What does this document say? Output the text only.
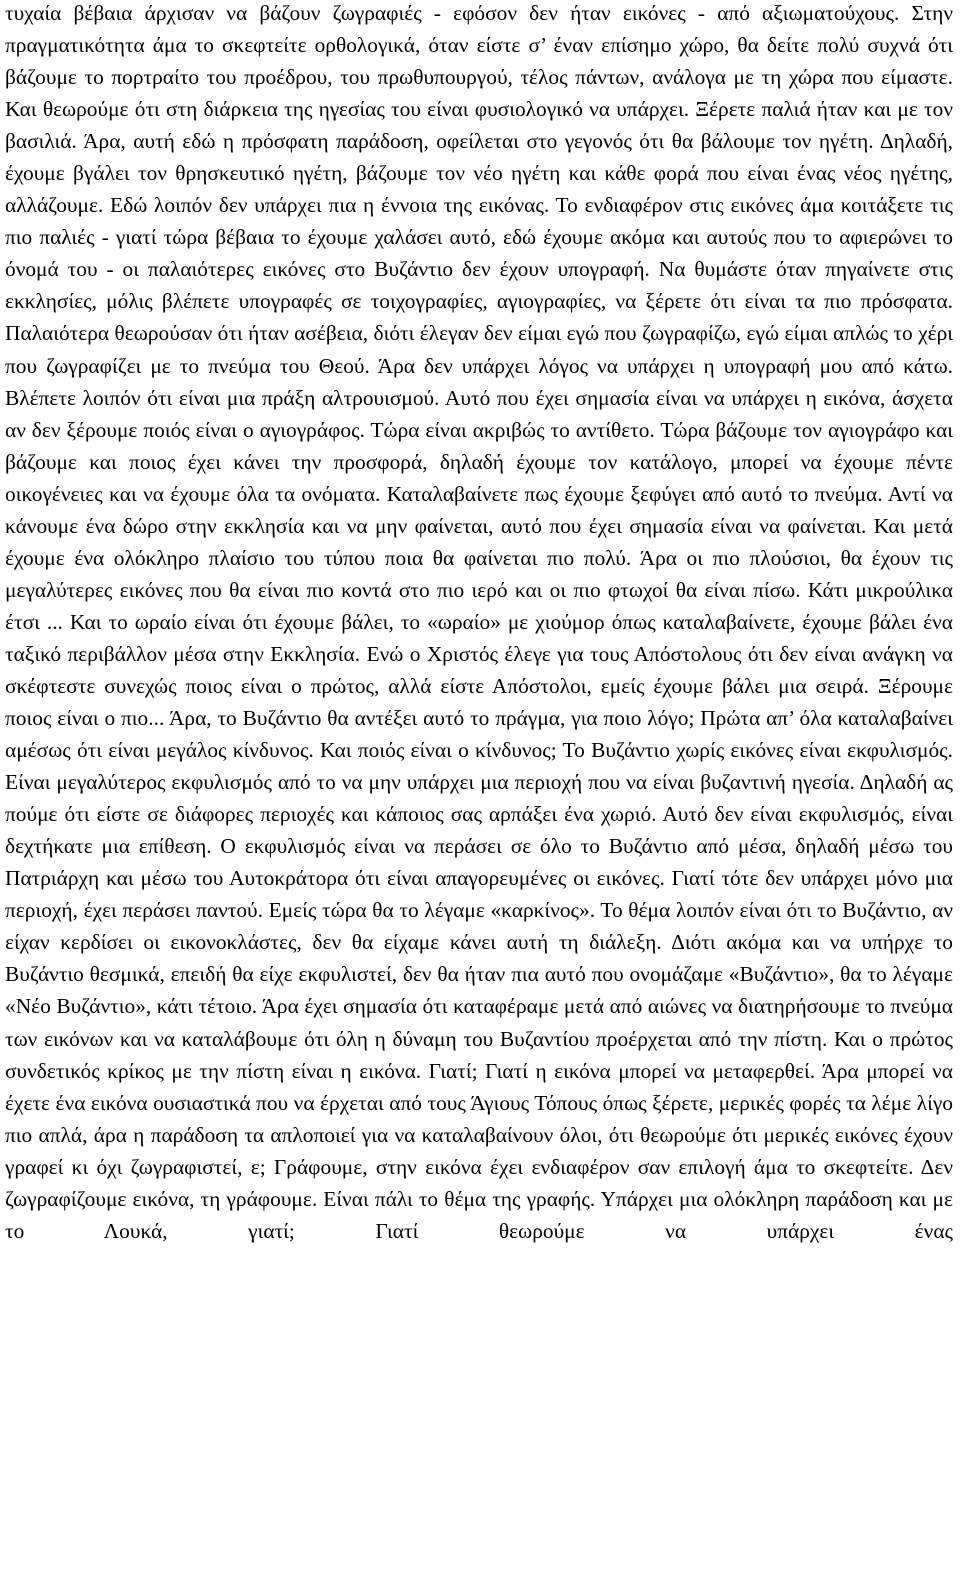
τυχαία βέβαια άρχισαν να βάζουν ζωγραφιές - εφόσον δεν ήταν εικόνες - από αξιωματούχους. Στην πραγματικότητα άμα το σκεφτείτε ορθολογικά, όταν είστε σ’ έναν επίσημο χώρο, θα δείτε πολύ συχνά ότι βάζουμε το πορτραίτο του προέδρου, του πρωθυπουργού, τέλος πάντων, ανάλογα με τη χώρα που είμαστε. Και θεωρούμε ότι στη διάρκεια της ηγεσίας του είναι φυσιολογικό να υπάρχει. Ξέρετε παλιά ήταν και με τον βασιλιά. Άρα, αυτή εδώ η πρόσφατη παράδοση, οφείλεται στο γεγονός ότι θα βάλουμε τον ηγέτη. Δηλαδή, έχουμε βγάλει τον θρησκευτικό ηγέτη, βάζουμε τον νέο ηγέτη και κάθε φορά που είναι ένας νέος ηγέτης, αλλάζουμε. Εδώ λοιπόν δεν υπάρχει πια η έννοια της εικόνας. Το ενδιαφέρον στις εικόνες άμα κοιτάξετε τις πιο παλιές - γιατί τώρα βέβαια το έχουμε χαλάσει αυτό, εδώ έχουμε ακόμα και αυτούς που το αφιερώνει το όνομά του - οι παλαιότερες εικόνες στο Βυζάντιο δεν έχουν υπογραφή. Να θυμάστε όταν πηγαίνετε στις εκκλησίες, μόλις βλέπετε υπογραφές σε τοιχογραφίες, αγιογραφίες, να ξέρετε ότι είναι τα πιο πρόσφατα. Παλαιότερα θεωρούσαν ότι ήταν ασέβεια, διότι έλεγαν δεν είμαι εγώ που ζωγραφίζω, εγώ είμαι απλώς το χέρι που ζωγραφίζει με το πνεύμα του Θεού. Άρα δεν υπάρχει λόγος να υπάρχει η υπογραφή μου από κάτω. Βλέπετε λοιπόν ότι είναι μια πράξη αλτρουισμού. Αυτό που έχει σημασία είναι να υπάρχει η εικόνα, άσχετα αν δεν ξέρουμε ποιός είναι ο αγιογράφος. Τώρα είναι ακριβώς το αντίθετο. Τώρα βάζουμε τον αγιογράφο και βάζουμε και ποιος έχει κάνει την προσφορά, δηλαδή έχουμε τον κατάλογο, μπορεί να έχουμε πέντε οικογένειες και να έχουμε όλα τα ονόματα. Καταλαβαίνετε πως έχουμε ξεφύγει από αυτό το πνεύμα. Αντί να κάνουμε ένα δώρο στην εκκλησία και να μην φαίνεται, αυτό που έχει σημασία είναι να φαίνεται. Και μετά έχουμε ένα ολόκληρο πλαίσιο του τύπου ποια θα φαίνεται πιο πολύ. Άρα οι πιο πλούσιοι, θα έχουν τις μεγαλύτερες εικόνες που θα είναι πιο κοντά στο πιο ιερό και οι πιο φτωχοί θα είναι πίσω. Κάτι μικρούλικα έτσι ... Και το ωραίο είναι ότι έχουμε βάλει, το «ωραίο» με χιούμορ όπως καταλαβαίνετε, έχουμε βάλει ένα ταξικό περιβάλλον μέσα στην Εκκλησία. Ενώ ο Χριστός έλεγε για τους Απόστολους ότι δεν είναι ανάγκη να σκέφτεστε συνεχώς ποιος είναι ο πρώτος, αλλά είστε Απόστολοι, εμείς έχουμε βάλει μια σειρά. Ξέρουμε ποιος είναι ο πιο... Άρα, το Βυζάντιο θα αντέξει αυτό το πράγμα, για ποιο λόγο; Πρώτα απ’ όλα καταλαβαίνει αμέσως ότι είναι μεγάλος κίνδυνος. Και ποιός είναι ο κίνδυνος; Το Βυζάντιο χωρίς εικόνες είναι εκφυλισμός. Είναι μεγαλύτερος εκφυλισμός από το να μην υπάρχει μια περιοχή που να είναι βυζαντινή ηγεσία. Δηλαδή ας πούμε ότι είστε σε διάφορες περιοχές και κάποιος σας αρπάξει ένα χωριό. Αυτό δεν είναι εκφυλισμός, είναι δεχτήκατε μια επίθεση. Ο εκφυλισμός είναι να περάσει σε όλο το Βυζάντιο από μέσα, δηλαδή μέσω του Πατριάρχη και μέσω του Αυτοκράτορα ότι είναι απαγορευμένες οι εικόνες. Γιατί τότε δεν υπάρχει μόνο μια περιοχή, έχει περάσει παντού. Εμείς τώρα θα το λέγαμε «καρκίνος». Το θέμα λοιπόν είναι ότι το Βυζάντιο, αν είχαν κερδίσει οι εικονοκλάστες, δεν θα είχαμε κάνει αυτή τη διάλεξη. Διότι ακόμα και να υπήρχε το Βυζάντιο θεσμικά, επειδή θα είχε εκφυλιστεί, δεν θα ήταν πια αυτό που ονομάζαμε «Βυζάντιο», θα το λέγαμε «Νέο Βυζάντιο», κάτι τέτοιο. Άρα έχει σημασία ότι καταφέραμε μετά από αιώνες να διατηρήσουμε το πνεύμα των εικόνων και να καταλάβουμε ότι όλη η δύναμη του Βυζαντίου προέρχεται από την πίστη. Και ο πρώτος συνδετικός κρίκος με την πίστη είναι η εικόνα. Γιατί; Γιατί η εικόνα μπορεί να μεταφερθεί. Άρα μπορεί να έχετε ένα εικόνα ουσιαστικά που να έρχεται από τους Άγιους Τόπους όπως ξέρετε, μερικές φορές τα λέμε λίγο πιο απλά, άρα η παράδοση τα απλοποιεί για να καταλαβαίνουν όλοι, ότι θεωρούμε ότι μερικές εικόνες έχουν γραφεί κι όχι ζωγραφιστεί, ε; Γράφουμε, στην εικόνα έχει ενδιαφέρον σαν επιλογή άμα το σκεφτείτε. Δεν ζωγραφίζουμε εικόνα, τη γράφουμε. Είναι πάλι το θέμα της γραφής. Υπάρχει μια ολόκληρη παράδοση και με το Λουκά, γιατί; Γιατί θεωρούμε να υπάρχει ένας
